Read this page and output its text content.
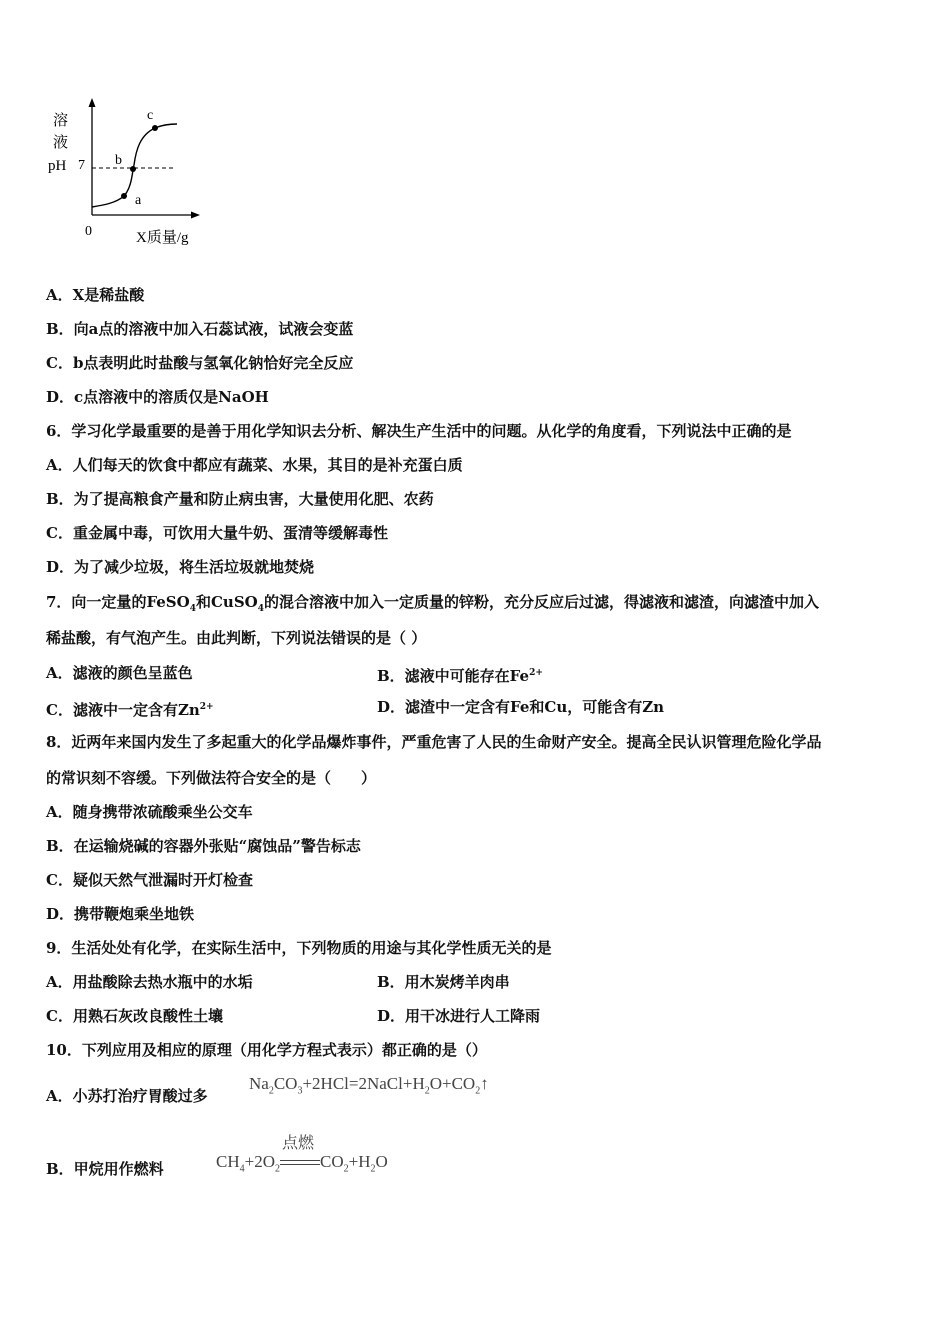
溶
液
pH 7
0	X质量/g
a
b
c
A．X是稀盐酸
B．向a点的溶液中加入石蕊试液，试液会变蓝
C．b点表明此时盐酸与氢氧化钠恰好完全反应
D．c点溶液中的溶质仅是NaOH
6．学习化学最重要的是善于用化学知识去分析、解决生产生活中的问题。从化学的角度看，下列说法中正确的是
A．人们每天的饮食中都应有蔬菜、水果，其目的是补充蛋白质
B．为了提高粮食产量和防止病虫害，大量使用化肥、农药
C．重金属中毒，可饮用大量牛奶、蛋清等缓解毒性
D．为了减少垃圾，将生活垃圾就地焚烧
7．向一定量的FeSO$_4$和CuSO$_4$的混合溶液中加入一定质量的锌粉，充分反应后过滤，得滤液和滤渣，向滤渣中加入
稀盐酸，有气泡产生。由此判断，下列说法错误的是（ ）
A．滤液的颜色呈蓝色	B．滤液中可能存在$Fe^{2+}$
C．滤液中一定含有$Zn^{2+}$	D．滤渣中一定含有Fe和Cu，可能含有Zn
8．近两年来国内发生了多起重大的化学品爆炸事件，严重危害了人民的生命财产安全。提高全民认识管理危险化学品
的常识刻不容缓。下列做法符合安全的是（　　）
A．随身携带浓硫酸乘坐公交车
B．在运输烧碱的容器外张贴“腐蚀品”警告标志
C．疑似天然气泄漏时开灯检查
D．携带鞭炮乘坐地铁
9．生活处处有化学，在实际生活中，下列物质的用途与其化学性质无关的是
A．用盐酸除去热水瓶中的水垢	B．用木炭烤羊肉串
C．用熟石灰改良酸性土壤	D．用干冰进行人工降雨
10．下列应用及相应的原理（用化学方程式表示）都正确的是（）
A．小苏打治疗胃酸过多
$Na_2CO_3+2HCl=2NaCl+H_2O+CO_2↑$
B．甲烷用作燃料	$CH_4+2O_2$
点燃
$CO_2+H_2O$
